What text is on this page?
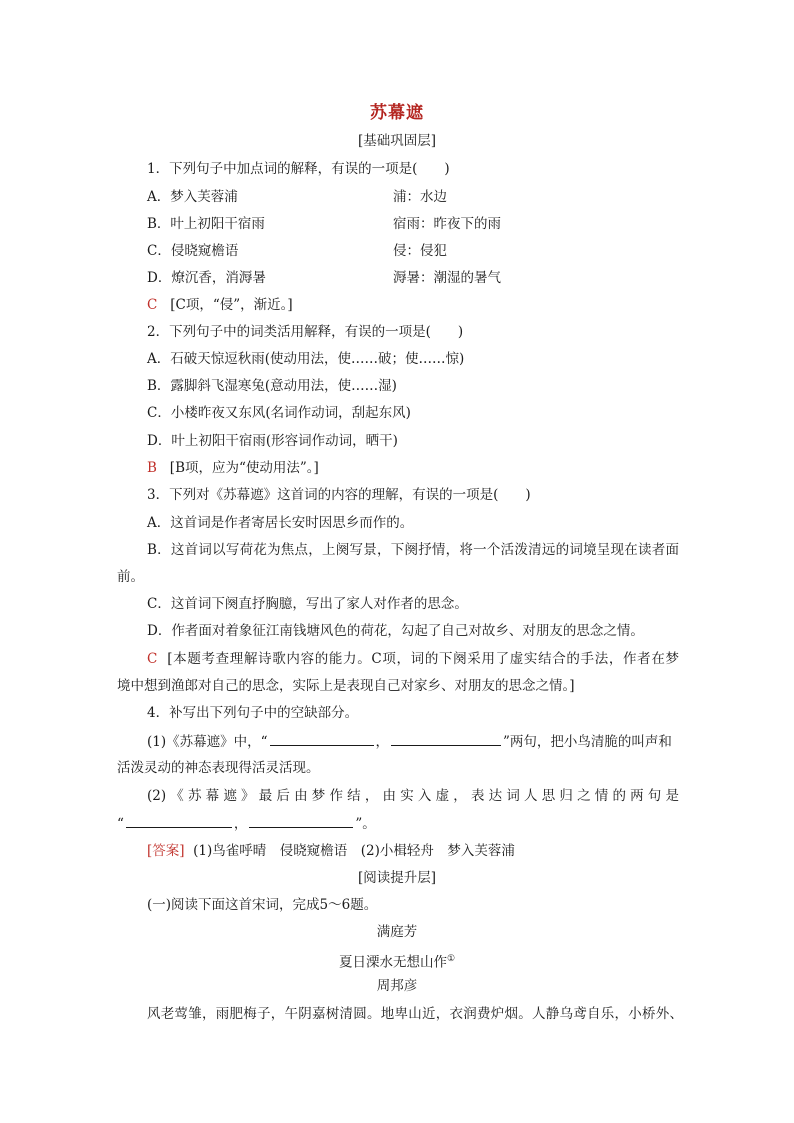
苏幕遮
[基础巩固层]
1．下列句子中加点词的解释，有误的一项是(　　)
A．梦入芙蓉浦	浦：水边
B．叶上初阳干宿雨	宿雨：昨夜下的雨
C．侵晓窥檐语	侵：侵犯
D．燎沉香，消溽暑	溽暑：潮湿的暑气
C [C项，“侵”，渐近。]
2．下列句子中的词类活用解释，有误的一项是(　　)
A．石破天惊逗秋雨(使动用法，使……破；使……惊)
B．露脚斜飞湿寒兔(意动用法，使……湿)
C．小楼昨夜又东风(名词作动词，刮起东风)
D．叶上初阳干宿雨(形容词作动词，晒干)
B [B项，应为“使动用法”。]
3．下列对《苏幕遮》这首词的内容的理解，有误的一项是(　　)
A．这首词是作者寄居长安时因思乡而作的。
B．这首词以写荷花为焦点，上阕写景，下阕抒情，将一个活泼清远的词境呈现在读者面
前。
C．这首词下阕直抒胸臆，写出了家人对作者的思念。
D．作者面对着象征江南钱塘风色的荷花，勾起了自己对故乡、对朋友的思念之情。
C [本题考查理解诗歌内容的能力。C项，词的下阕采用了虚实结合的手法，作者在梦
境中想到渔郎对自己的思念，实际上是表现自己对家乡、对朋友的思念之情。]
4．补写出下列句子中的空缺部分。
(1)《苏幕遮》中，“	，	”两句，把小鸟清脆的叫声和
活泼灵动的神态表现得活灵活现。
(2)《苏幕遮》最后由梦作结，由实入虚，表达词人思归之情的两句是
“	，	”。
[答案] (1)鸟雀呼晴　侵晓窥檐语　(2)小楫轻舟　梦入芙蓉浦
[阅读提升层]
(一)阅读下面这首宋词，完成5～6题。
满庭芳
夏日溧水无想山作①
周邦彦
风老莺雏，雨肥梅子，午阴嘉树清圆。地卑山近，衣润费炉烟。人静乌鸢自乐，小桥外、
